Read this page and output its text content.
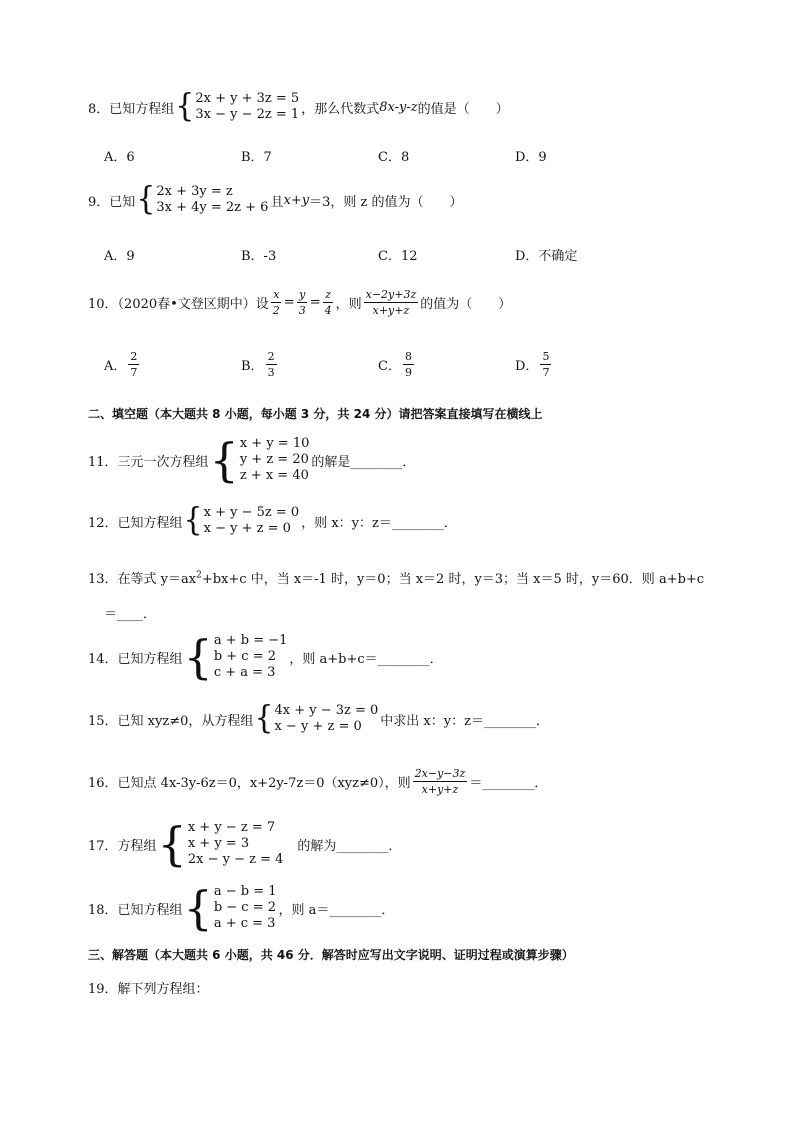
8．已知方程组 { 2x + y + 3z = 5
3x − y − 2z = 1 ，那么代数式 8x-y-z 的值是（　　）
A．6	B．7	C．8	D．9
9．已知 { 2x + 3y = z
3x + 4y = 2z + 6 且 x+y ＝3，则 z 的值为（　　）
A．9	B．-3	C．12	D．不确定
10．（2020春•文登区期中）设 $\frac{x}{2} = \frac{y}{3} = \frac{z}{4}$ ，则 $\frac{x-2y+3z}{x+y+z}$ 的值为（　　）
A． $\frac{2}{7}$	B． $\frac{2}{3}$	C． $\frac{8}{9}$	D． $\frac{5}{7}$
二、填空题（本大题共 8 小题，每小题 3 分，共 24 分）请把答案直接填写在横线上
11．三元一次方程组 { x + y = 10
y + z = 20
z + x = 40
的解是________．
12．已知方程组 { x + y − 5z = 0
x − y + z = 0 ，则 x：y：z＝________．
13．在等式 $y=ax^2+bx+c$ 中，当 x＝-1 时，y＝0；当 x＝2 时，y＝3；当 x＝5 时，y＝60．则 a+b+c
＝____．
14．已知方程组 { a + b = −1
b + c = 2
c + a = 3
，则 a+b+c＝________．
15．已知 xyz≠0，从方程组 { 4x + y − 3z = 0
x − y + z = 0	中求出 x：y：z＝________．
16．已知点 4x-3y-6z＝0，x+2y-7z＝0（xyz≠0），则 $\frac{2x-y-3z}{x+y+z}$ ＝________．
17．方程组 { x + y − z = 7
x + y = 3
2x − y − z = 4
的解为________．
18．已知方程组 { a − b = 1
b − c = 2
a + c = 3
，则 a＝________．
三、解答题（本大题共 6 小题，共 46 分．解答时应写出文字说明、证明过程或演算步骤）
19．解下列方程组：
